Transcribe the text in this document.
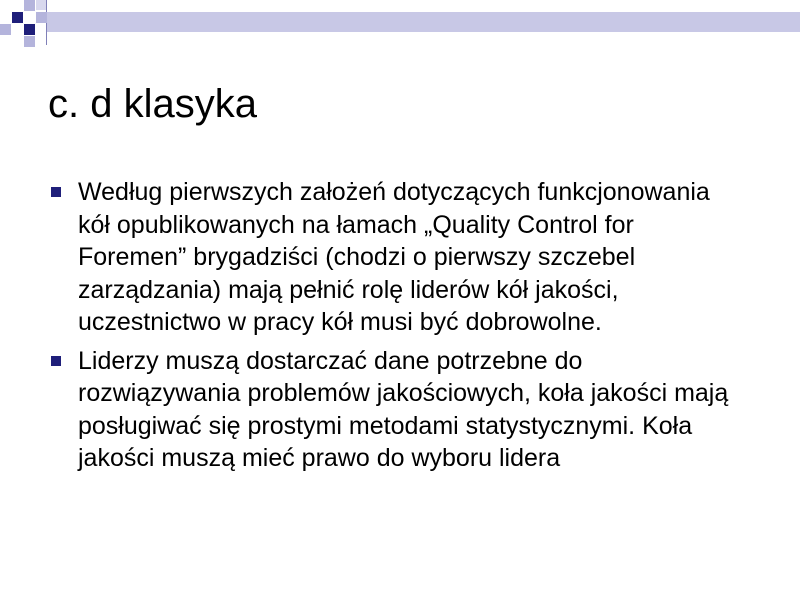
c. d klasyka
Według pierwszych założeń dotyczących funkcjonowania kół opublikowanych na łamach „Quality Control for Foremen” brygadziści (chodzi o pierwszy szczebel zarządzania) mają pełnić rolę liderów kół jakości, uczestnictwo w pracy kół musi być dobrowolne.
Liderzy muszą dostarczać dane potrzebne do rozwiązywania problemów jakościowych, koła jakości mają posługiwać się prostymi metodami statystycznymi. Koła jakości muszą mieć prawo do wyboru lidera
